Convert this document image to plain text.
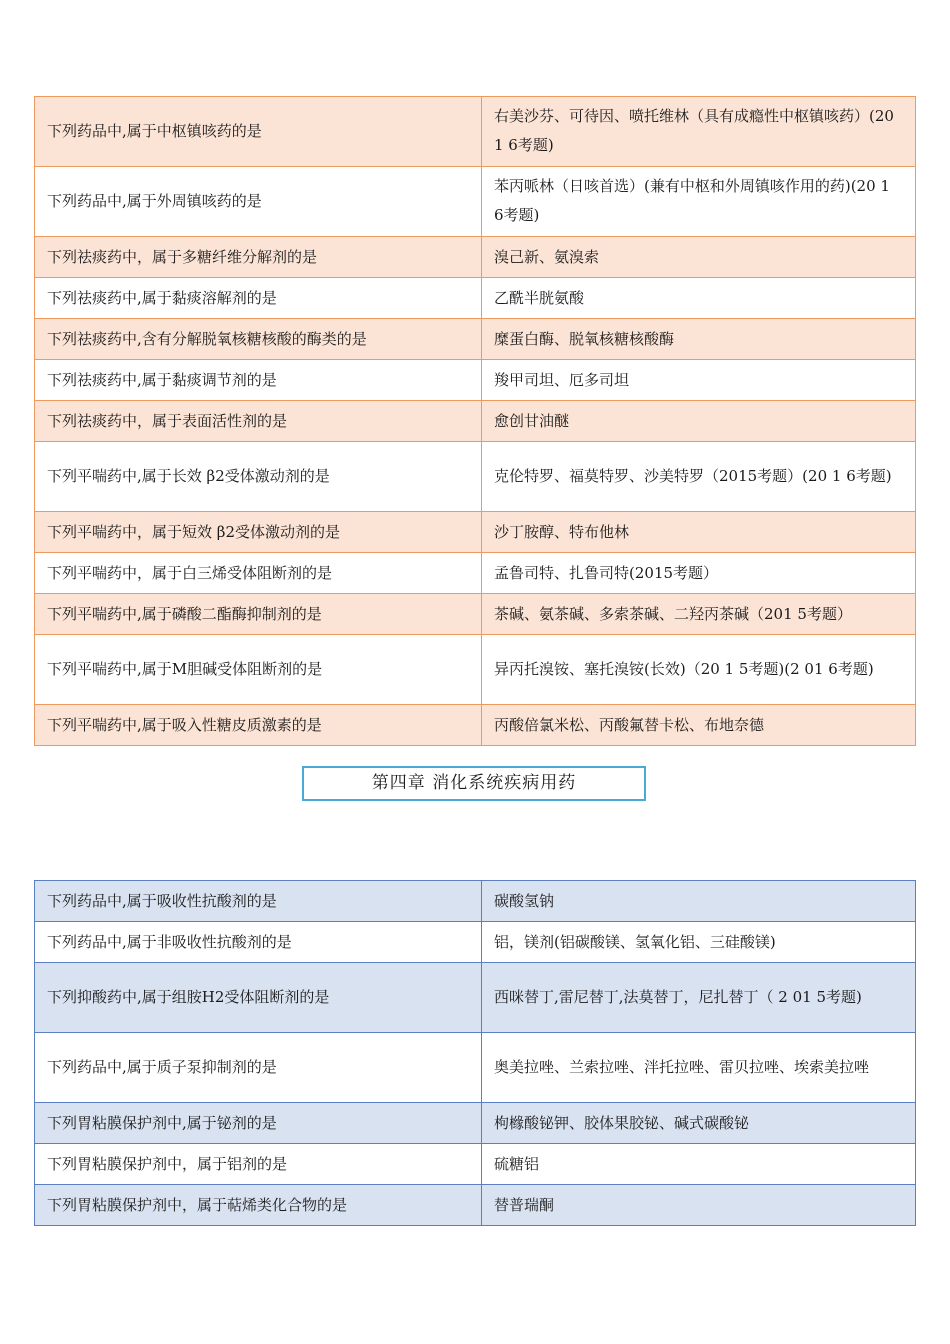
下列药品中,属于中枢镇咳药的是	右美沙芬、可待因、喷托维林（具有成瘾性中枢镇咳药）(20 1 6考题)
下列药品中,属于外周镇咳药的是	苯丙哌林（日咳首选）(兼有中枢和外周镇咳作用的药)(20 1 6考题)
下列祛痰药中，属于多糖纤维分解剂的是	溴己新、氨溴索
下列祛痰药中,属于黏痰溶解剂的是	乙酰半胱氨酸
下列祛痰药中,含有分解脱氧核糖核酸的酶类的是	糜蛋白酶、脱氧核糖核酸酶
下列祛痰药中,属于黏痰调节剂的是	羧甲司坦、厄多司坦
下列祛痰药中，属于表面活性剂的是	愈创甘油醚
下列平喘药中,属于长效 β2受体激动剂的是	克伦特罗、福莫特罗、沙美特罗（2015考题）(20 1 6考题)
下列平喘药中，属于短效 β2受体激动剂的是	沙丁胺醇、特布他林
下列平喘药中，属于白三烯受体阻断剂的是	孟鲁司特、扎鲁司特(2015考题）
下列平喘药中,属于磷酸二酯酶抑制剂的是	茶碱、氨茶碱、多索茶碱、二羟丙茶碱（201 5考题）
下列平喘药中,属于M胆碱受体阻断剂的是	异丙托溴铵、塞托溴铵(长效)（20 1 5考题)(2 01 6考题)
下列平喘药中,属于吸入性糖皮质激素的是	丙酸倍氯米松、丙酸氟替卡松、布地奈德
第四章 消化系统疾病用药
下列药品中,属于吸收性抗酸剂的是	碳酸氢钠
下列药品中,属于非吸收性抗酸剂的是	铝，镁剂(铝碳酸镁、氢氧化铝、三硅酸镁)
下列抑酸药中,属于组胺H2受体阻断剂的是	西咪替丁,雷尼替丁,法莫替丁，尼扎替丁（ 2 01 5考题)
下列药品中,属于质子泵抑制剂的是	奥美拉唑、兰索拉唑、泮托拉唑、雷贝拉唑、埃索美拉唑
下列胃粘膜保护剂中,属于铋剂的是	枸橼酸铋钾、胶体果胶铋、碱式碳酸铋
下列胃粘膜保护剂中，属于铝剂的是	硫糖铝
下列胃粘膜保护剂中，属于萜烯类化合物的是	替普瑞酮
